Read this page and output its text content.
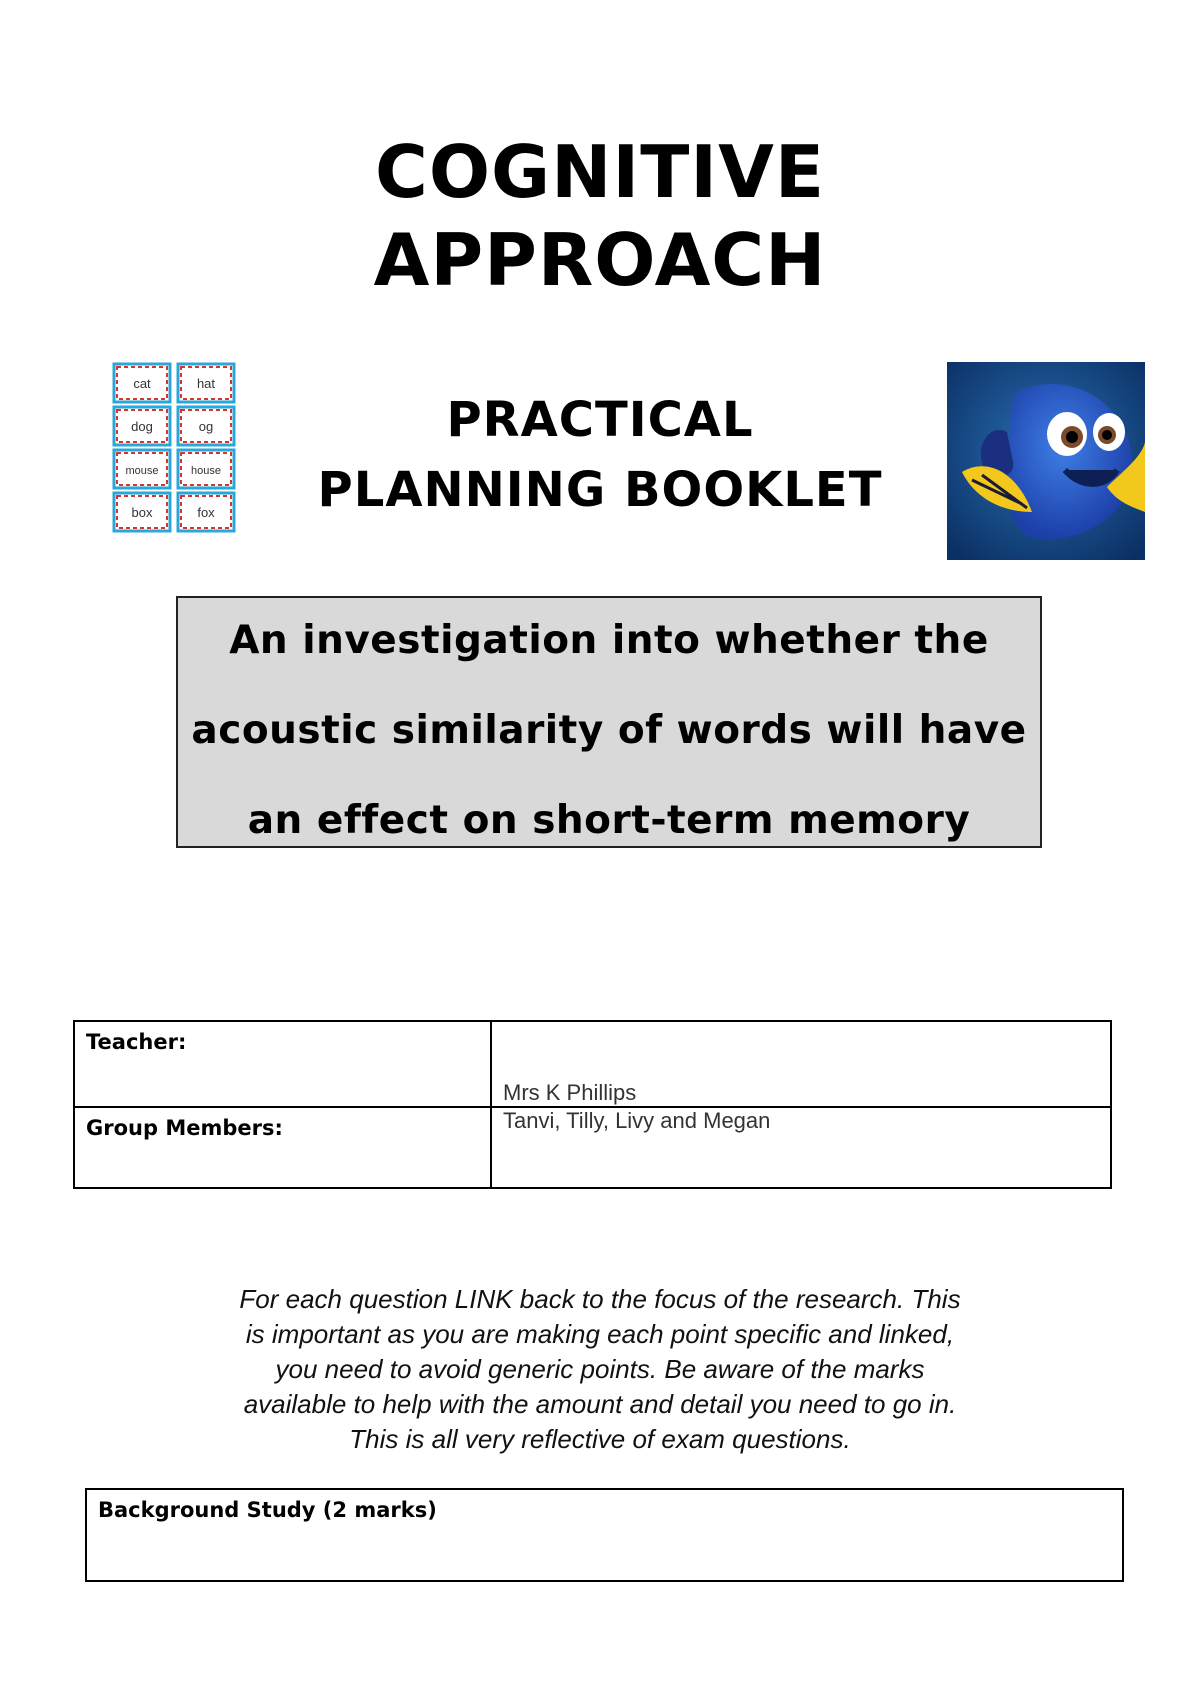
COGNITIVE
APPROACH
cat	hat
dog	og
mouse	house
box	fox
PRACTICAL
PLANNING BOOKLET
An investigation into whether the
acoustic similarity of words will have
an effect on short-term memory
Teacher:	Mrs K Phillips

Group Members:	Tanvi, Tilly, Livy and Megan
For each question LINK back to the focus of the research. This
is important as you are making each point specific and linked,
you need to avoid generic points. Be aware of the marks
available to help with the amount and detail you need to go in.
This is all very reflective of exam questions.
Background Study (2 marks)
